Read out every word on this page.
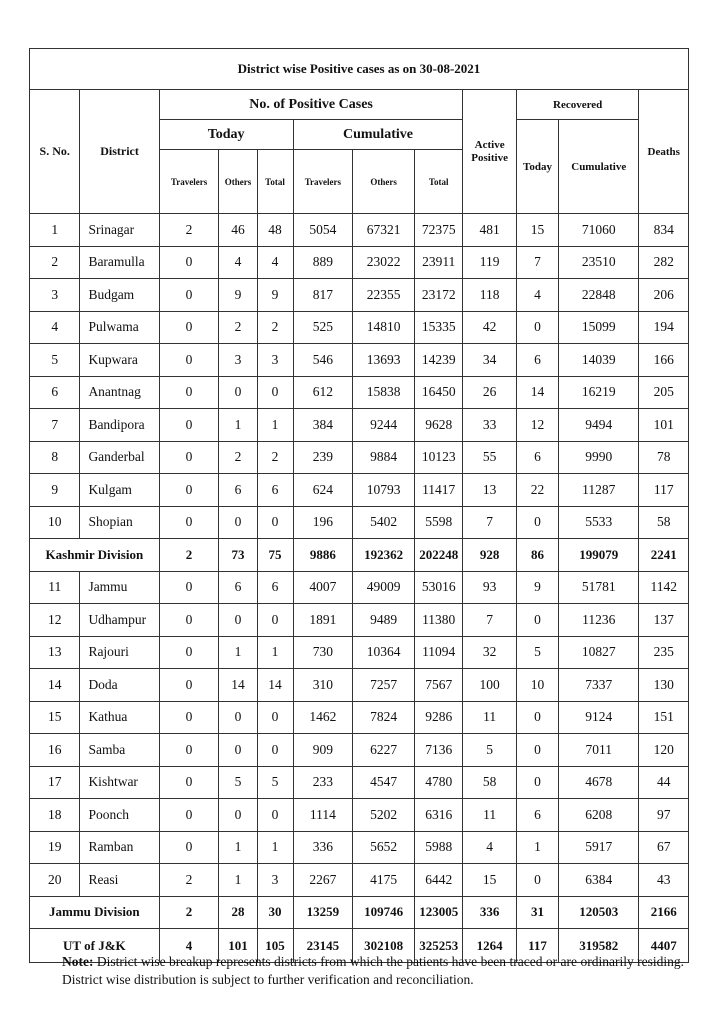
District wise Positive cases as on 30-08-2021											
S. No.	District	No. of Positive Cases						Active Positive	Recovered		Deaths
		Today			Cumulative				Today	Cumulative	
		Travelers	Others	Total	Travelers	Others	Total				
1	Srinagar	2	46	48	5054	67321	72375	481	15	71060	834
2	Baramulla	0	4	4	889	23022	23911	119	7	23510	282
3	Budgam	0	9	9	817	22355	23172	118	4	22848	206
4	Pulwama	0	2	2	525	14810	15335	42	0	15099	194
5	Kupwara	0	3	3	546	13693	14239	34	6	14039	166
6	Anantnag	0	0	0	612	15838	16450	26	14	16219	205
7	Bandipora	0	1	1	384	9244	9628	33	12	9494	101
8	Ganderbal	0	2	2	239	9884	10123	55	6	9990	78
9	Kulgam	0	6	6	624	10793	11417	13	22	11287	117
10	Shopian	0	0	0	196	5402	5598	7	0	5533	58
Kashmir Division		2	73	75	9886	192362	202248	928	86	199079	2241
11	Jammu	0	6	6	4007	49009	53016	93	9	51781	1142
12	Udhampur	0	0	0	1891	9489	11380	7	0	11236	137
13	Rajouri	0	1	1	730	10364	11094	32	5	10827	235
14	Doda	0	14	14	310	7257	7567	100	10	7337	130
15	Kathua	0	0	0	1462	7824	9286	11	0	9124	151
16	Samba	0	0	0	909	6227	7136	5	0	7011	120
17	Kishtwar	0	5	5	233	4547	4780	58	0	4678	44
18	Poonch	0	0	0	1114	5202	6316	11	6	6208	97
19	Ramban	0	1	1	336	5652	5988	4	1	5917	67
20	Reasi	2	1	3	2267	4175	6442	15	0	6384	43
Jammu Division		2	28	30	13259	109746	123005	336	31	120503	2166
UT of J&K		4	101	105	23145	302108	325253	1264	117	319582	4407
Note: District wise breakup represents districts from which the patients have been traced or are ordinarily residing. District wise distribution is subject to further verification and reconciliation.
